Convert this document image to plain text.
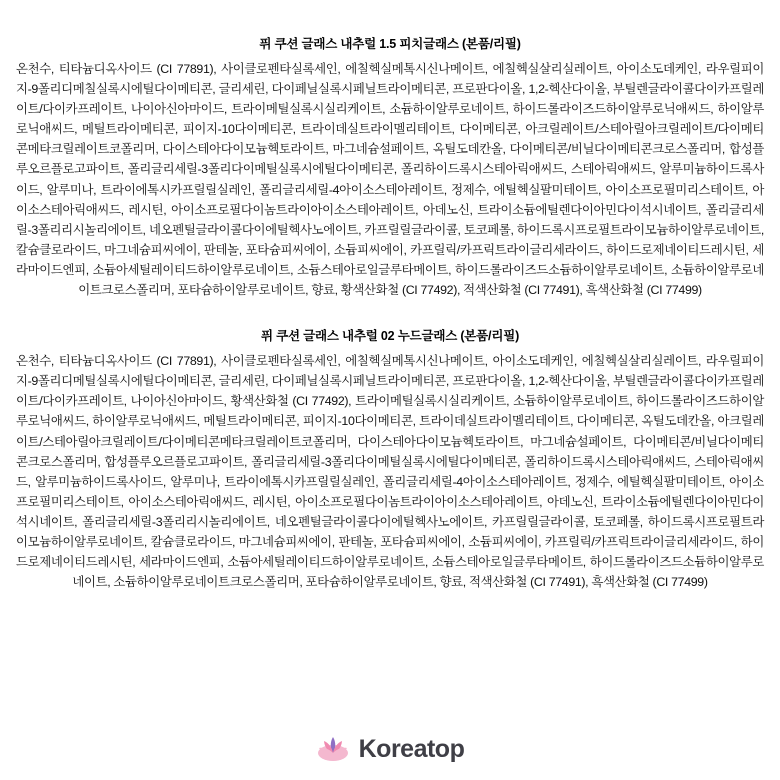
퓌 쿠션 글래스 내추럴 1.5 피치글래스 (본품/리필)
온천수, 티타늄디옥사이드 (CI 77891), 사이클로펜타실록세인, 에칠헥실메톡시신나메이트, 에칠헥실살리실레이트, 아이소도데케인, 라우릴피이지-9폴리디메칠실록시에틸다이메티콘, 글리세린, 다이페닐실록시페닐트라이메티콘, 프로판다이올, 1,2-헥산다이올, 부틸렌글라이콜다이카프릴레이트/다이카프레이트, 나이아신아마이드, 트라이메틸실록시실리케이트, 소듐하이알루로네이트, 하이드롤라이즈드하이알루로닉애씨드, 하이알루로닉애씨드, 메틸트라이메티콘, 피이지-10다이메티콘, 트라이데실트라이멜리테이트, 다이메티콘, 아크릴레이트/스테아릴아크릴레이트/다이메티콘메타크릴레이트코폴리머, 다이스테아다이모늄헥토라이트, 마그네슘설페이트, 옥틸도데칸올, 다이메티콘/비닐다이메티콘크로스폴리머, 합성플루오르플로고파이트, 폴리글리세릴-3폴리다이메틸실록시에틸다이메티콘, 폴리하이드록시스테아릭애씨드, 스테아릭애씨드, 알루미늄하이드록사이드, 알루미나, 트라이에톡시카프릴릴실레인, 폴리글리세릴-4아이소스테아레이트, 정제수, 에틸헥실팔미테이트, 아이소프로필미리스테이트, 아이소스테아릭애씨드, 레시틴, 아이소프로필다이놈트라이아이소스테아레이트, 아데노신, 트라이소듐에틸렌다이아민다이석시네이트, 폴리글리세릴-3폴리리시놀리에이트, 네오펜틸글라이콜다이에틸헥사노에이트, 카프릴릴글라이콜, 토코페롤, 하이드록시프로필트라이모늄하이알루로네이트, 칼슘클로라이드, 마그네슘피씨에이, 판테놀, 포타슘피씨에이, 소듐피씨에이, 카프릴릭/카프릭트라이글리세라이드, 하이드로제네이티드레시틴, 세라마이드엔피, 소듐아세틸레이티드하이알루로네이트, 소듐스테아로일글루타메이트, 하이드롤라이즈드소듐하이알루로네이트, 소듐하이알루로네이트크로스폴리머, 포타슘하이알루로네이트, 향료, 황색산화철 (CI 77492), 적색산화철 (CI 77491), 흑색산화철 (CI 77499)
퓌 쿠션 글래스 내추럴 02 누드글래스 (본품/리필)
온천수, 티타늄디옥사이드 (CI 77891), 사이클로펜타실록세인, 에칠헥실메톡시신나메이트, 아이소도데케인, 에칠헥실살리실레이트, 라우릴피이지-9폴리디메틸실록시에틸다이메티콘, 글리세린, 다이페닐실록시페닐트라이메티콘, 프로판다이올, 1,2-헥산다이올, 부틸렌글라이콜다이카프릴레이트/다이카프레이트, 나이아신아마이드, 황색산화철 (CI 77492), 트라이메틸실록시실리케이트, 소듐하이알루로네이트, 하이드롤라이즈드하이알루로닉애씨드, 하이알루로닉애씨드, 메틸트라이메티콘, 피이지-10다이메티콘, 트라이데실트라이멜리테이트, 다이메티콘, 옥틸도데칸올, 아크릴레이트/스테아릴아크릴레이트/다이메티콘메타크릴레이트코폴리머, 다이스테아다이모늄헥토라이트, 마그네슘설페이트, 다이메티콘/비닐다이메티콘크로스폴리머, 합성플루오르플로고파이트, 폴리글리세릴-3폴리다이메틸실록시에틸다이메티콘, 폴리하이드록시스테아릭애씨드, 스테아릭애씨드, 알루미늄하이드록사이드, 알루미나, 트라이에톡시카프릴릴실레인, 폴리글리세릴-4아이소스테아레이트, 정제수, 에틸헥실팔미테이트, 아이소프로필미리스테이트, 아이소스테아릭애씨드, 레시틴, 아이소프로필다이놈트라이아이소스테아레이트, 아데노신, 트라이소듐에틸렌다이아민다이석시네이트, 폴리글리세릴-3폴리리시놀리에이트, 네오펜틸글라이콜다이에틸헥사노에이트, 카프릴릴글라이콜, 토코페롤, 하이드록시프로필트라이모늄하이알루로네이트, 칼슘클로라이드, 마그네슘피씨에이, 판테놀, 포타슘피씨에이, 소듐피씨에이, 카프릴릭/카프릭트라이글리세라이드, 하이드로제네이티드레시틴, 세라마이드엔피, 소듐아세틸레이티드하이알루로네이트, 소듐스테아로일글루타메이트, 하이드롤라이즈드소듐하이알루로네이트, 소듐하이알루로네이트크로스폴리머, 포타슘하이알루로네이트, 향료, 적색산화철 (CI 77491), 흑색산화철 (CI 77499)
Koreatop
